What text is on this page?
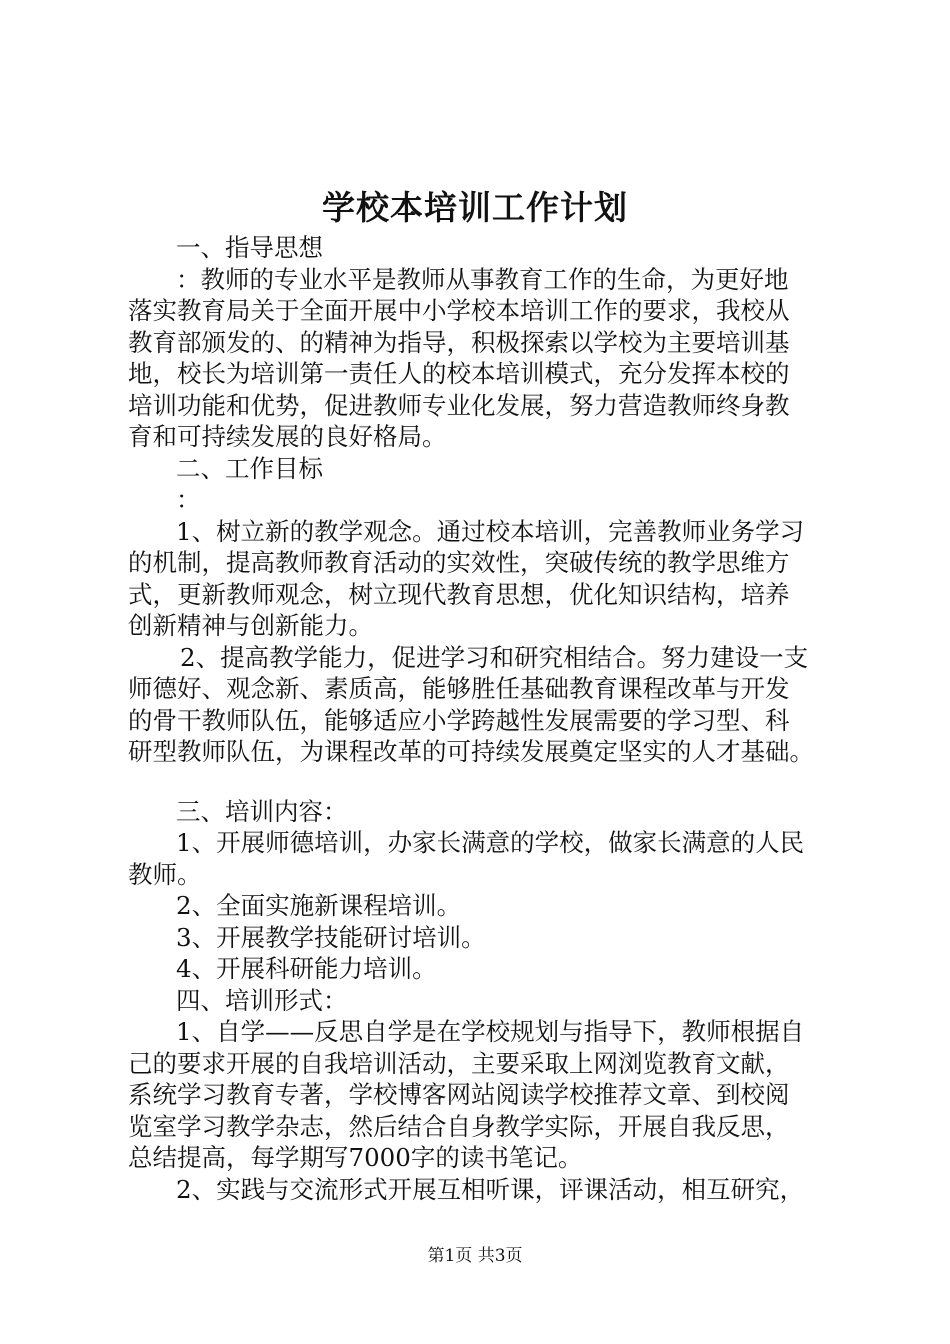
学校本培训工作计划
一、指导思想
：教师的专业水平是教师从事教育工作的生命，为更好地
落实教育局关于全面开展中小学校本培训工作的要求，我校从
教育部颁发的、的精神为指导，积极探索以学校为主要培训基
地，校长为培训第一责任人的校本培训模式，充分发挥本校的
培训功能和优势，促进教师专业化发展，努力营造教师终身教
育和可持续发展的良好格局。
二、工作目标
：
1、树立新的教学观念。通过校本培训，完善教师业务学习
的机制，提高教师教育活动的实效性，突破传统的教学思维方
式，更新教师观念，树立现代教育思想，优化知识结构，培养
创新精神与创新能力。
2、提高教学能力，促进学习和研究相结合。努力建设一支
师德好、观念新、素质高，能够胜任基础教育课程改革与开发
的骨干教师队伍，能够适应小学跨越性发展需要的学习型、科
研型教师队伍，为课程改革的可持续发展奠定坚实的人才基础。
三、培训内容：
1、开展师德培训，办家长满意的学校，做家长满意的人民
教师。
2、全面实施新课程培训。
3、开展教学技能研讨培训。
4、开展科研能力培训。
四、培训形式：
1、自学——反思自学是在学校规划与指导下，教师根据自
己的要求开展的自我培训活动，主要采取上网浏览教育文献，
系统学习教育专著，学校博客网站阅读学校推荐文章、到校阅
览室学习教学杂志，然后结合自身教学实际，开展自我反思，
总结提高，每学期写7000字的读书笔记。
2、实践与交流形式开展互相听课，评课活动，相互研究，
第1页 共3页
